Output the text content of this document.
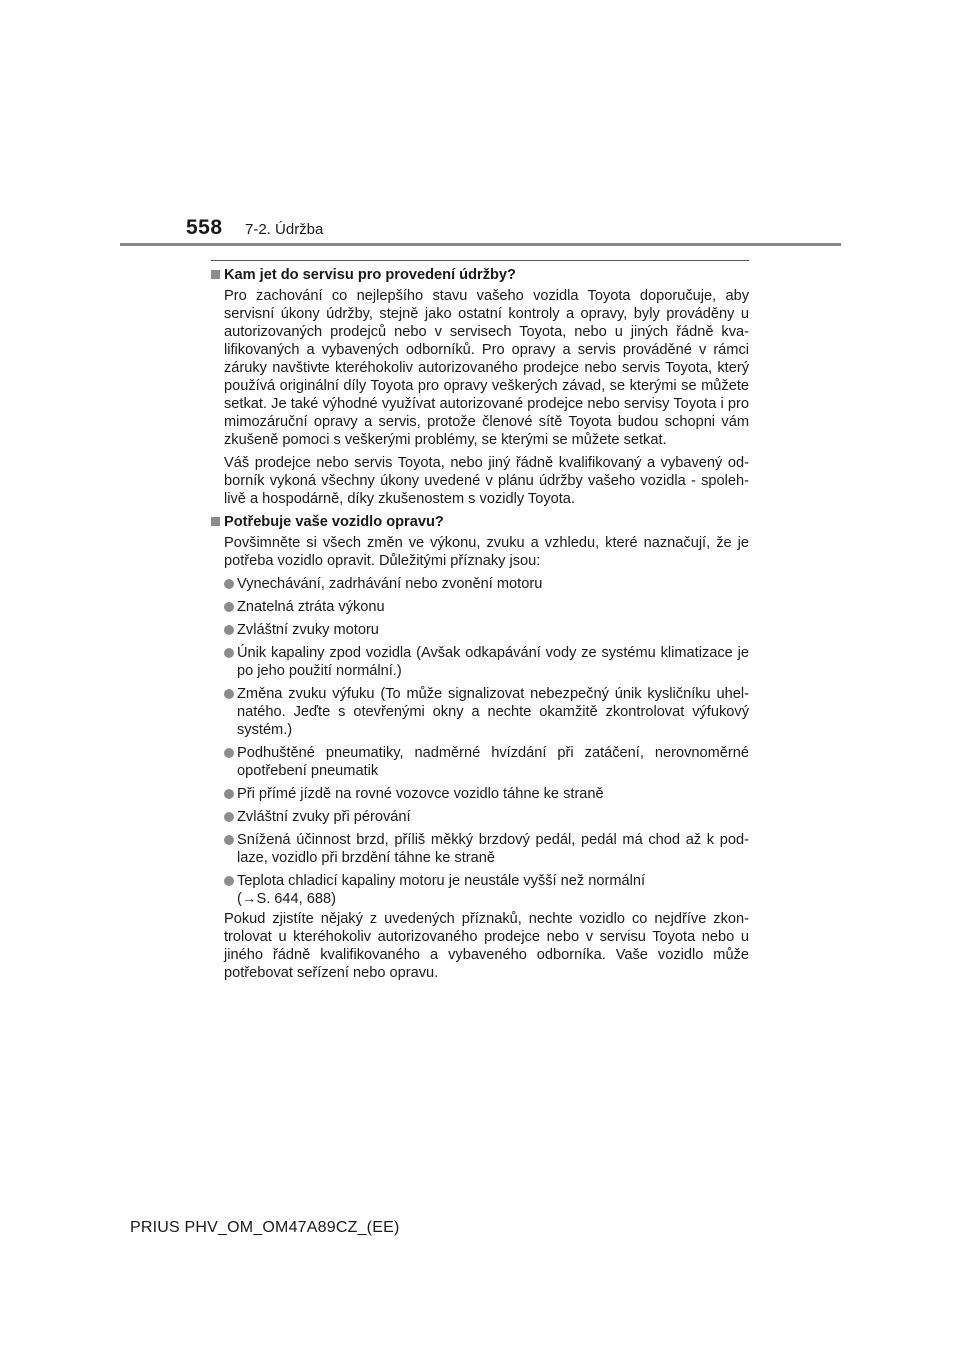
558 7-2. Údržba
Kam jet do servisu pro provedení údržby?

Pro zachování co nejlepšího stavu vašeho vozidla Toyota doporučuje, aby servisní úkony údržby, stejně jako ostatní kontroly a opravy, byly prováděny u autorizovaných prodejců nebo v servisech Toyota, nebo u jiných řádně kva-lifikovaných a vybavených odborníků. Pro opravy a servis prováděné v rámci záruky navštivte kteréhokoliv autorizovaného prodejce nebo servis Toyota, který používá originální díly Toyota pro opravy veškerých závad, se kterými se můžete setkat. Je také výhodné využívat autorizované prodejce nebo servisy Toyota i pro mimozáruční opravy a servis, protože členové sítě Toyota budou schopni vám zkušeně pomoci s veškerými problémy, se kterými se můžete setkat.

Váš prodejce nebo servis Toyota, nebo jiný řádně kvalifikovaný a vybavený od-borník vykoná všechny úkony uvedené v plánu údržby vašeho vozidla - spoleh-livě a hospodárně, díky zkušenostem s vozidly Toyota.

Potřebuje vaše vozidlo opravu?

Povšimněte si všech změn ve výkonu, zvuku a vzhledu, které naznačují, že je potřeba vozidlo opravit. Důležitými příznaky jsou:

Vynechávání, zadrhávání nebo zvonění motoru
Znatelná ztráta výkonu
Zvláštní zvuky motoru
Únik kapaliny zpod vozidla (Avšak odkapávání vody ze systému klimatizace je po jeho použití normální.)
Změna zvuku výfuku (To může signalizovat nebezpečný únik kysličníku uhel-natého. Jeďte s otevřenými okny a nechte okamžitě zkontrolovat výfukový systém.)
Podhuštěné pneumatiky, nadměrné hvízdání při zatáčení, nerovnoměrné opotřebení pneumatik
Při přímé jízdě na rovné vozovce vozidlo táhne ke straně
Zvláštní zvuky při pérování
Snížená účinnost brzd, příliš měkký brzdový pedál, pedál má chod až k pod-laze, vozidlo při brzdění táhne ke straně
Teplota chladicí kapaliny motoru je neustále vyšší než normální
(→S. 644, 688)

Pokud zjistíte nějaký z uvedených příznaků, nechte vozidlo co nejdříve zkon-trolovat u kteréhokoliv autorizovaného prodejce nebo v servisu Toyota nebo u jiného řádně kvalifikovaného a vybaveného odborníka. Vaše vozidlo může potřebovat seřízení nebo opravu.

PRIUS PHV_OM_OM47A89CZ_(EE)
